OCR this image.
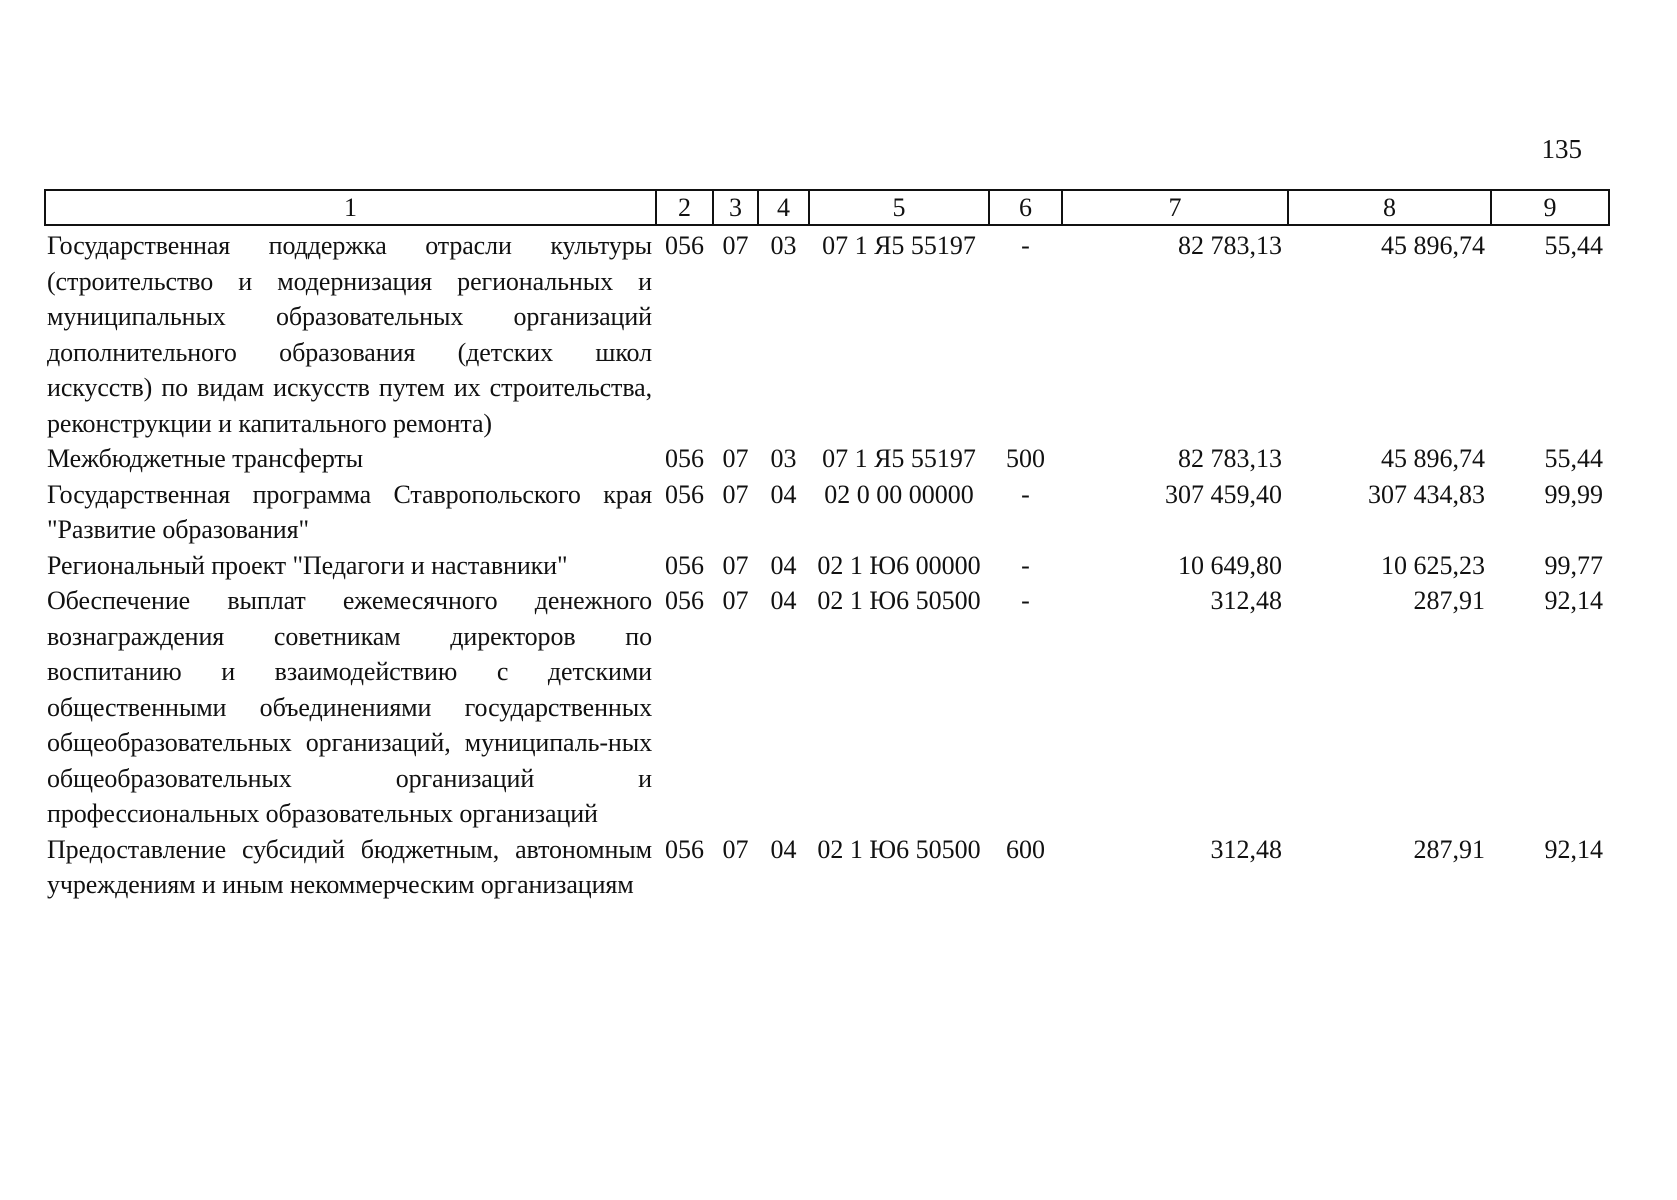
135
1	2	3	4	5	6	7	8	9
Государственная поддержка отрасли культуры (строительство и модернизация региональных и муниципальных образовательных организаций дополнительного образования (детских школ искусств) по видам искусств путем их строительства, реконструкции и капитального ремонта)	056	07	03	07 1 Я5 55197	-	82 783,13	45 896,74	55,44
Межбюджетные трансферты	056	07	03	07 1 Я5 55197	500	82 783,13	45 896,74	55,44
Государственная программа Ставропольского края "Развитие образования"	056	07	04	02 0 00 00000	-	307 459,40	307 434,83	99,99
Региональный проект "Педагоги и наставники"	056	07	04	02 1 Ю6 00000	-	10 649,80	10 625,23	99,77
Обеспечение выплат ежемесячного денежного вознаграждения советникам директоров по воспитанию и взаимодействию с детскими общественными объединениями государственных общеобразовательных организаций, муниципаль-ных общеобразовательных организаций и профессиональных образовательных организаций	056	07	04	02 1 Ю6 50500	-	312,48	287,91	92,14
Предоставление субсидий бюджетным, автономным учреждениям и иным некоммерческим организациям	056	07	04	02 1 Ю6 50500	600	312,48	287,91	92,14
